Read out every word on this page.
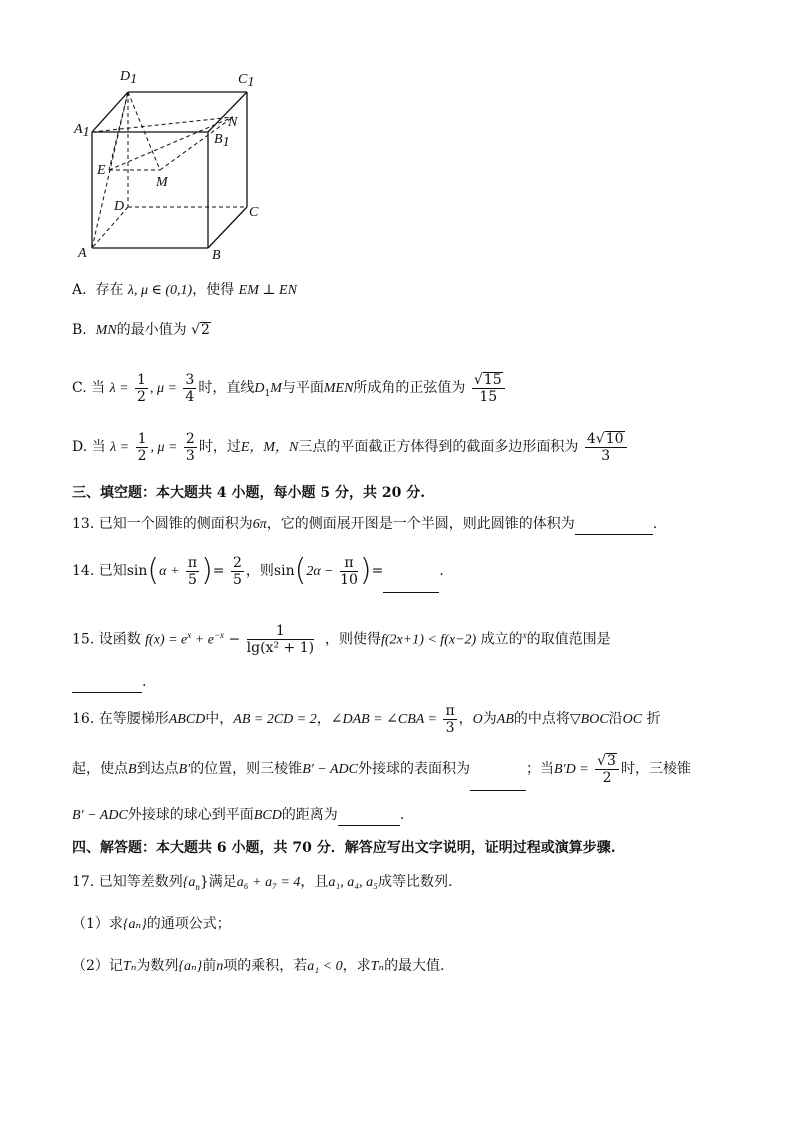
D1	C1
A1	B1
N
E
M
D	C
A	B
A. 存在 λ, μ ∈ (0,1)，使得 EM ⊥ EN
B. MN的最小值为 √2
C. 当 $\lambda = \frac{1}{2}$ , $\mu = \frac{3}{4}$ 时，直线$D_1M$与平面MEN所成角的正弦值为 $\frac{√15}{15}$
D. 当 $\lambda = \frac{1}{2}$ , $\mu = \frac{2}{3}$ 时，过E，M，N三点的平面截正方体得到的截面多边形面积为 $\frac{4√10}{3}$
三、填空题：本大题共 4 小题，每小题 5 分，共 20 分.
13. 已知一个圆锥的侧面积为6π，它的侧面展开图是一个半圆，则此圆锥的体积为	.
14. 已知$\sin(\alpha + \frac{\pi}{5}$ )= $\frac{2}{5}$ ，则$\sin(2\alpha - \frac{\pi}{10}$ )=	.
15. 设函数 $f(x) = e^x + e^{-x} - \frac{1}{\text{lg(x² + 1)}}$ ，则使得f(2x+1) < f(x−2) 成立的$^x$的取值范围是
.
16. 在等腰梯形ABCD中，AB = 2CD = 2，∠DAB = ∠CBA = $\frac{\pi}{3}$ ，O为AB的中点将▽BOC沿OC 折
起，使点B到达点B′的位置，则三棱锥B′ − ADC外接球的表面积为	；当$B'D = \frac{√3}{2}$ 时，三棱锥
B′ − ADC外接球的球心到平面BCD的距离为	.
四、解答题：本大题共 6 小题，共 70 分．解答应写出文字说明，证明过程或演算步骤.
17. 已知等差数列$\{a_n\}$满足a₆ + a₇ = 4，且a₁, a₄, a₅成等比数列.
（1）求{aₙ}的通项公式；
（2）记Tₙ为数列{aₙ}前n项的乘积，若a₁ < 0，求Tₙ的最大值.
